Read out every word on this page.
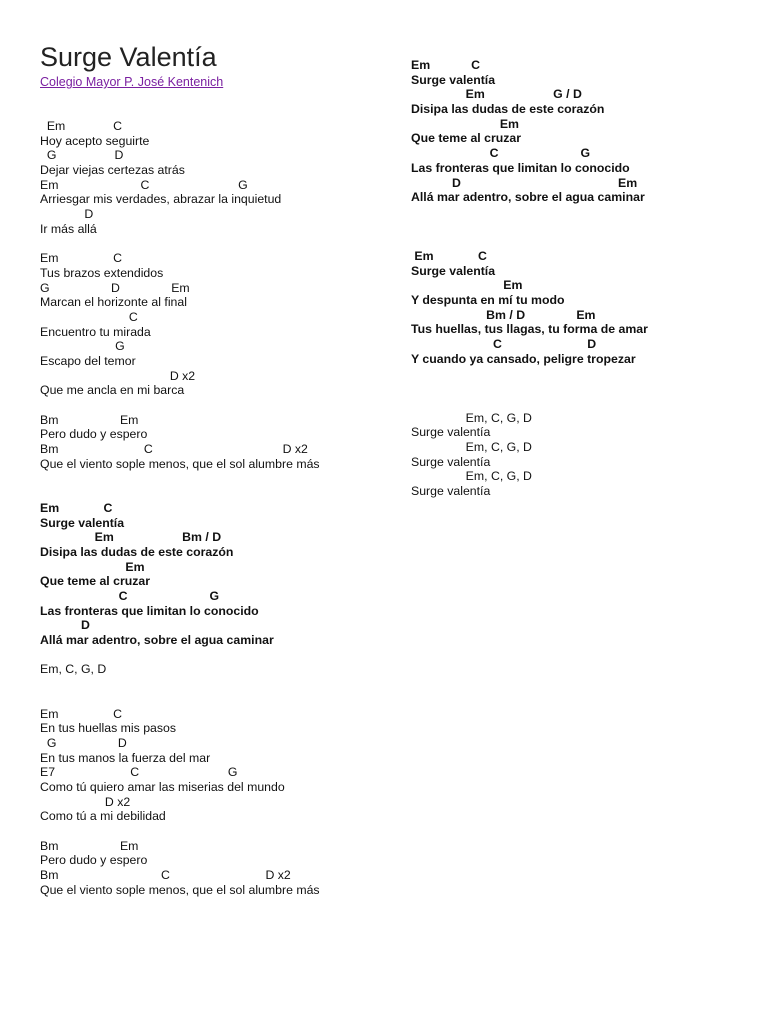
Surge Valentía
Colegio Mayor P. José Kentenich
Em              C
Hoy acepto seguirte
G                 D
Dejar viejas certezas atrás
Em                        C                          G
Arriesgar mis verdades, abrazar la inquietud
D
Ir más allá
Em                C
Tus brazos extendidos
G                  D               Em
Marcan el horizonte al final
C
Encuentro tu mirada
G
Escapo del temor
D x2
Que me ancla en mi barca
Bm                  Em
Pero dudo y espero
Bm                         C                                      D x2
Que el viento sople menos, que el sol alumbre más
Em             C
Surge valentía
Em                    Bm / D
Disipa las dudas de este corazón
Em
Que teme al cruzar
C                        G
Las fronteras que limitan lo conocido
D
Allá mar adentro, sobre el agua caminar
Em, C, G, D
Em                C
En tus huellas mis pasos
G                  D
En tus manos la fuerza del mar
E7                      C                          G
Como tú quiero amar las miserias del mundo
D x2
Como tú a mi debilidad
Bm                  Em
Pero dudo y espero
Bm                              C                            D x2
Que el viento sople menos, que el sol alumbre más
Em            C
Surge valentía
Em                    G / D
Disipa las dudas de este corazón
Em
Que teme al cruzar
C                        G
Las fronteras que limitan lo conocido
D                                              Em
Allá mar adentro, sobre el agua caminar
Em             C
Surge valentía
Em
Y despunta en mí tu modo
Bm / D               Em
Tus huellas, tus llagas, tu forma de amar
C                         D
Y cuando ya cansado, peligre tropezar
Em, C, G, D
Surge valentía
Em, C, G, D
Surge valentía
Em, C, G, D
Surge valentía
